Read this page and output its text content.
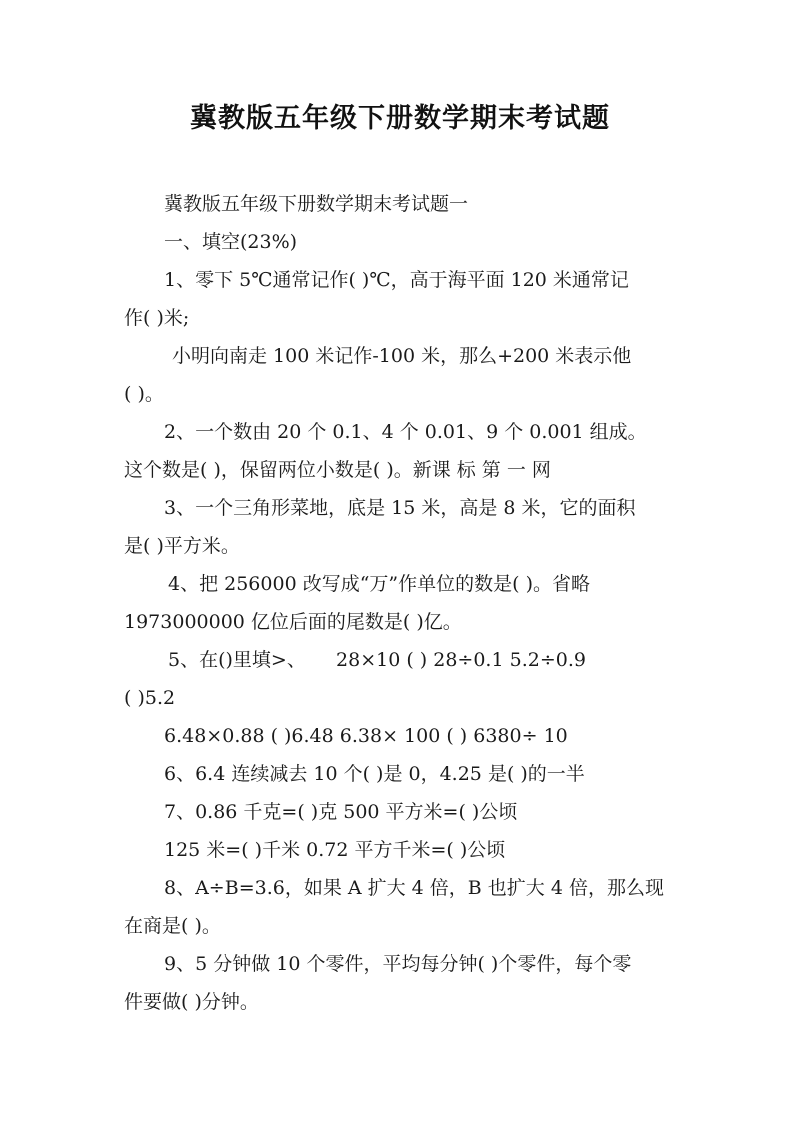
冀教版五年级下册数学期末考试题

冀教版五年级下册数学期末考试题一

一、填空(23%)

1、零下 5℃通常记作( )℃，高于海平面 120 米通常记

作( )米;

小明向南走 100 米记作-100 米，那么+200 米表示他

( )。

2、一个数由 20 个 0.1、4 个 0.01、9 个 0.001 组成。

这个数是( )，保留两位小数是( )。新课 标 第 一 网

3、一个三角形菜地，底是 15 米，高是 8 米，它的面积

是( )平方米。

4、把 256000 改写成“万”作单位的数是( )。省略

1973000000 亿位后面的尾数是( )亿。

5、在()里填>、     28×10 ( ) 28÷0.1 5.2÷0.9

( )5.2

6.48×0.88 ( )6.48 6.38× 100 ( ) 6380÷ 10

6、6.4 连续减去 10 个( )是 0，4.25 是( )的一半

7、0.86 千克=( )克 500 平方米=( )公顷

125 米=( )千米 0.72 平方千米=( )公顷

8、A÷B=3.6，如果 A 扩大 4 倍，B 也扩大 4 倍，那么现

在商是( )。

9、5 分钟做 10 个零件，平均每分钟( )个零件，每个零

件要做( )分钟。
